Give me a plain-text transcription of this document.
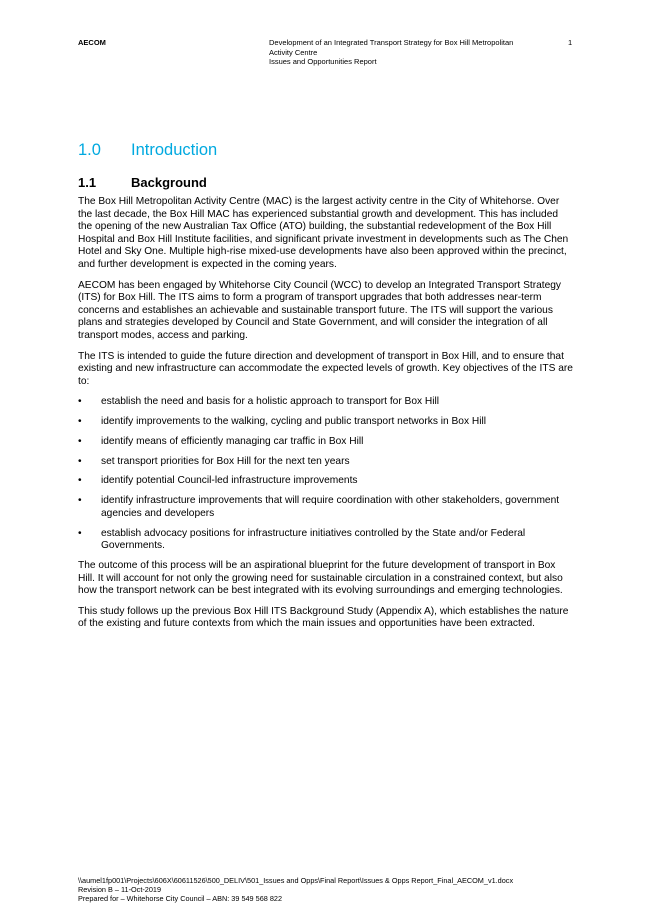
AECOM	Development of an Integrated Transport Strategy for Box Hill Metropolitan
Activity Centre
Issues and Opportunities Report
1
1.0	Introduction
1.1	Background

The Box Hill Metropolitan Activity Centre (MAC) is the largest activity centre in the City of Whitehorse. Over the last decade, the Box Hill MAC has experienced substantial growth and development. This has included the opening of the new Australian Tax Office (ATO) building, the substantial redevelopment of the Box Hill Hospital and Box Hill Institute facilities, and significant private investment in developments such as The Chen Hotel and Sky One. Multiple high-rise mixed-use developments have also been approved within the precinct, and further development is expected in the coming years.

AECOM has been engaged by Whitehorse City Council (WCC) to develop an Integrated Transport Strategy (ITS) for Box Hill. The ITS aims to form a program of transport upgrades that both addresses near-term concerns and establishes an achievable and sustainable transport future. The ITS will support the various plans and strategies developed by Council and State Government, and will consider the integration of all transport modes, access and parking.

The ITS is intended to guide the future direction and development of transport in Box Hill, and to ensure that existing and new infrastructure can accommodate the expected levels of growth. Key objectives of the ITS are to:

• establish the need and basis for a holistic approach to transport for Box Hill
• identify improvements to the walking, cycling and public transport networks in Box Hill
• identify means of efficiently managing car traffic in Box Hill
• set transport priorities for Box Hill for the next ten years
• identify potential Council-led infrastructure improvements
• identify infrastructure improvements that will require coordination with other stakeholders, government agencies and developers
• establish advocacy positions for infrastructure initiatives controlled by the State and/or Federal Governments.

The outcome of this process will be an aspirational blueprint for the future development of transport in Box Hill. It will account for not only the growing need for sustainable circulation in a constrained context, but also how the transport network can be best integrated with its evolving surroundings and emerging technologies.

This study follows up the previous Box Hill ITS Background Study (Appendix A), which establishes the nature of the existing and future contexts from which the main issues and opportunities have been extracted.

\\aumel1fp001\Projects\606X\60611526\500_DELIV\501_Issues and Opps\Final Report\Issues & Opps Report_Final_AECOM_v1.docx
Revision B – 11-Oct-2019
Prepared for – Whitehorse City Council – ABN: 39 549 568 822
